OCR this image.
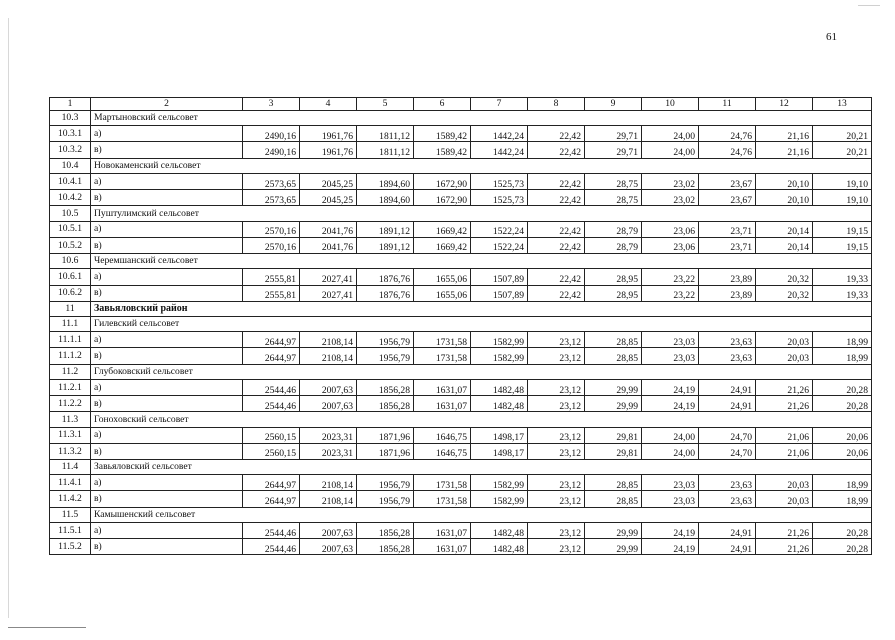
61
1	2	3	4	5	6	7	8	9	10	11	12	13
10.3	Мартыновский сельсовет											
10.3.1	а)	2490,16	1961,76	1811,12	1589,42	1442,24	22,42	29,71	24,00	24,76	21,16	20,21
10.3.2	в)	2490,16	1961,76	1811,12	1589,42	1442,24	22,42	29,71	24,00	24,76	21,16	20,21
10.4	Новокаменский сельсовет											
10.4.1	а)	2573,65	2045,25	1894,60	1672,90	1525,73	22,42	28,75	23,02	23,67	20,10	19,10
10.4.2	в)	2573,65	2045,25	1894,60	1672,90	1525,73	22,42	28,75	23,02	23,67	20,10	19,10
10.5	Пуштулимский сельсовет											
10.5.1	а)	2570,16	2041,76	1891,12	1669,42	1522,24	22,42	28,79	23,06	23,71	20,14	19,15
10.5.2	в)	2570,16	2041,76	1891,12	1669,42	1522,24	22,42	28,79	23,06	23,71	20,14	19,15
10.6	Черемшанский сельсовет											
10.6.1	а)	2555,81	2027,41	1876,76	1655,06	1507,89	22,42	28,95	23,22	23,89	20,32	19,33
10.6.2	в)	2555,81	2027,41	1876,76	1655,06	1507,89	22,42	28,95	23,22	23,89	20,32	19,33
11	Завьяловский район											
11.1	Гилевский сельсовет											
11.1.1	а)	2644,97	2108,14	1956,79	1731,58	1582,99	23,12	28,85	23,03	23,63	20,03	18,99
11.1.2	в)	2644,97	2108,14	1956,79	1731,58	1582,99	23,12	28,85	23,03	23,63	20,03	18,99
11.2	Глубоковский сельсовет											
11.2.1	а)	2544,46	2007,63	1856,28	1631,07	1482,48	23,12	29,99	24,19	24,91	21,26	20,28
11.2.2	в)	2544,46	2007,63	1856,28	1631,07	1482,48	23,12	29,99	24,19	24,91	21,26	20,28
11.3	Гонохoвский сельсовет											
11.3.1	а)	2560,15	2023,31	1871,96	1646,75	1498,17	23,12	29,81	24,00	24,70	21,06	20,06
11.3.2	в)	2560,15	2023,31	1871,96	1646,75	1498,17	23,12	29,81	24,00	24,70	21,06	20,06
11.4	Завьяловский сельсовет											
11.4.1	а)	2644,97	2108,14	1956,79	1731,58	1582,99	23,12	28,85	23,03	23,63	20,03	18,99
11.4.2	в)	2644,97	2108,14	1956,79	1731,58	1582,99	23,12	28,85	23,03	23,63	20,03	18,99
11.5	Камышенский сельсовет											
11.5.1	а)	2544,46	2007,63	1856,28	1631,07	1482,48	23,12	29,99	24,19	24,91	21,26	20,28
11.5.2	в)	2544,46	2007,63	1856,28	1631,07	1482,48	23,12	29,99	24,19	24,91	21,26	20,28
